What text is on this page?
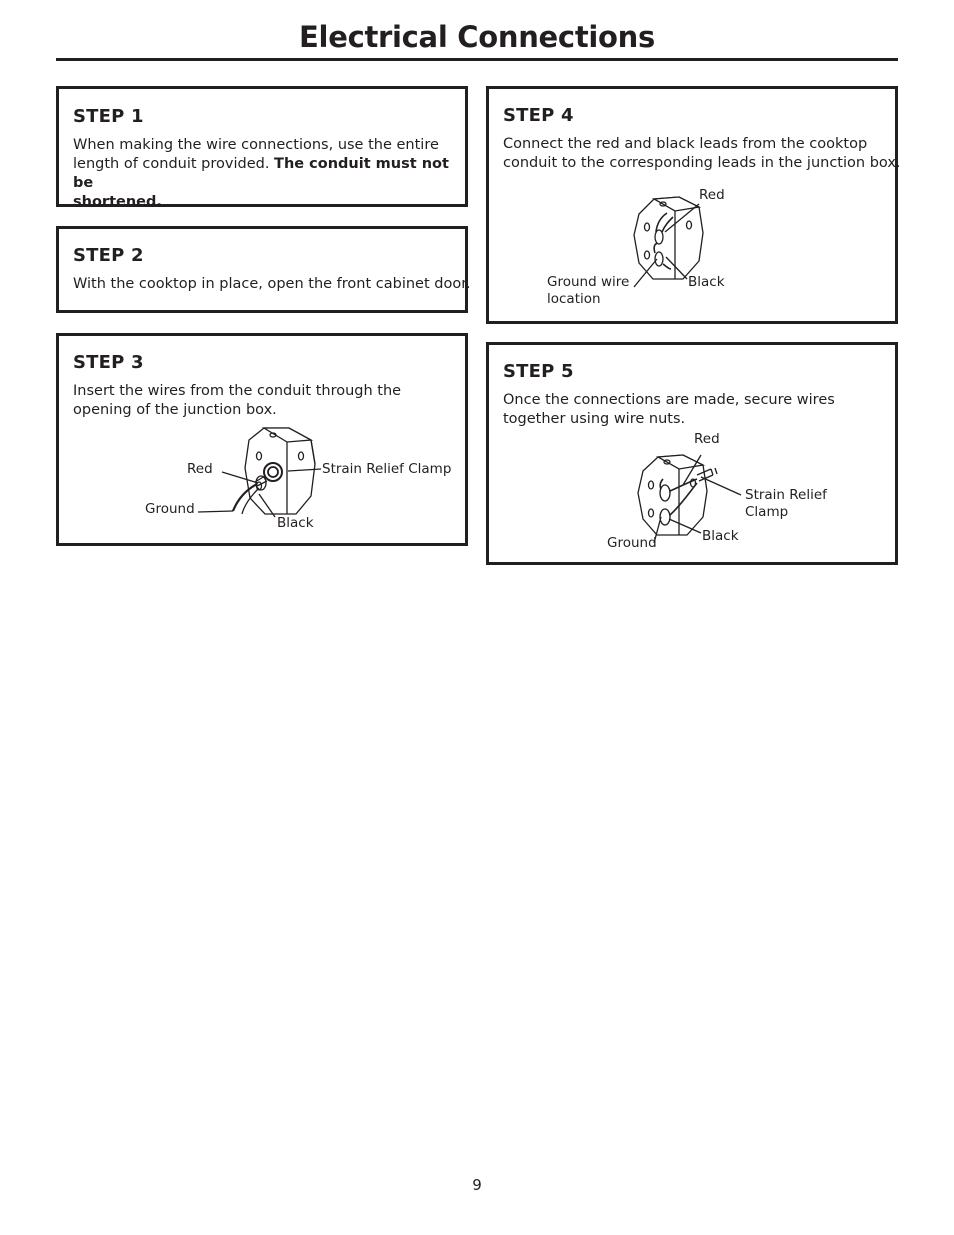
Electrical Connections

STEP 1

When making the wire connections, use the entire
length of conduit provided. The conduit must not be
shortened.

STEP 2

With the cooktop in place, open the front cabinet door.

STEP 3

Insert the wires from the conduit through the
opening of the junction box.

Red	Strain Relief Clamp
Ground
Black

STEP 4

Connect the red and black leads from the cooktop
conduit to the corresponding leads in the junction box.

Red
Ground wire
location
Black

STEP 5

Once the connections are made, secure wires
together using wire nuts.

Red
Strain Relief
Clamp
Ground	Black
9
